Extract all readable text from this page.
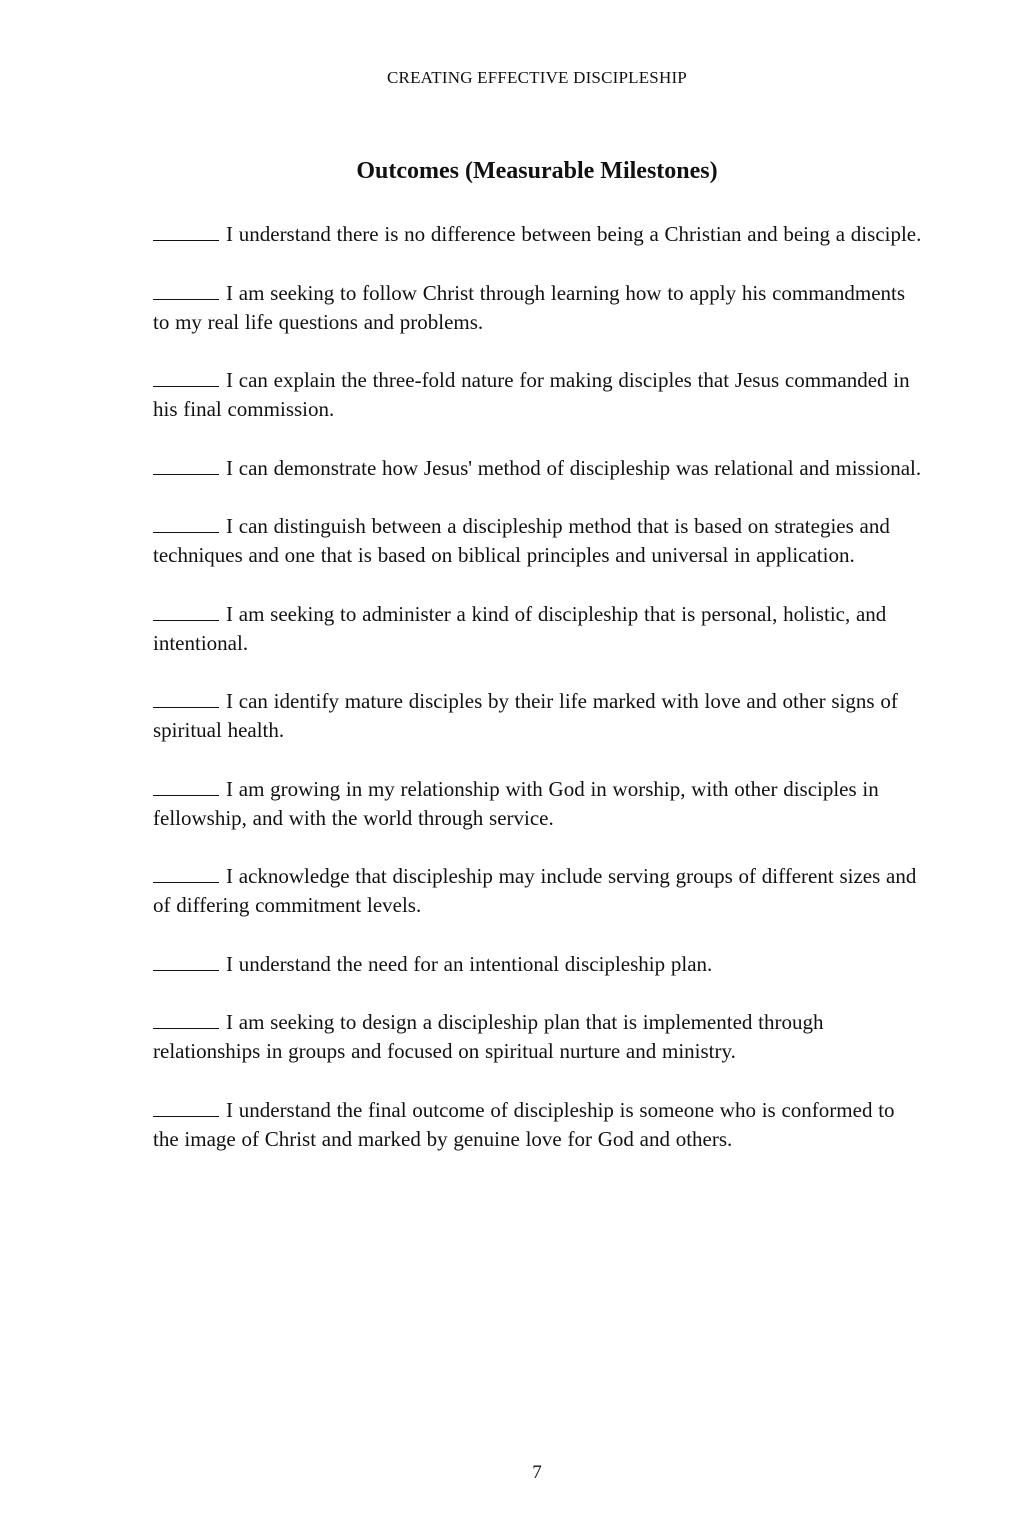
CREATING EFFECTIVE DISCIPLESHIP
Outcomes (Measurable Milestones)

I understand there is no difference between being a Christian and being a disciple.

I am seeking to follow Christ through learning how to apply his commandments to my real life questions and problems.

I can explain the three-fold nature for making disciples that Jesus commanded in his final commission.

I can demonstrate how Jesus' method of discipleship was relational and missional.

I can distinguish between a discipleship method that is based on strategies and techniques and one that is based on biblical principles and universal in application.

I am seeking to administer a kind of discipleship that is personal, holistic, and intentional.

I can identify mature disciples by their life marked with love and other signs of spiritual health.

I am growing in my relationship with God in worship, with other disciples in fellowship, and with the world through service.

I acknowledge that discipleship may include serving groups of different sizes and of differing commitment levels.

I understand the need for an intentional discipleship plan.

I am seeking to design a discipleship plan that is implemented through relationships in groups and focused on spiritual nurture and ministry.

I understand the final outcome of discipleship is someone who is conformed to the image of Christ and marked by genuine love for God and others.

7
